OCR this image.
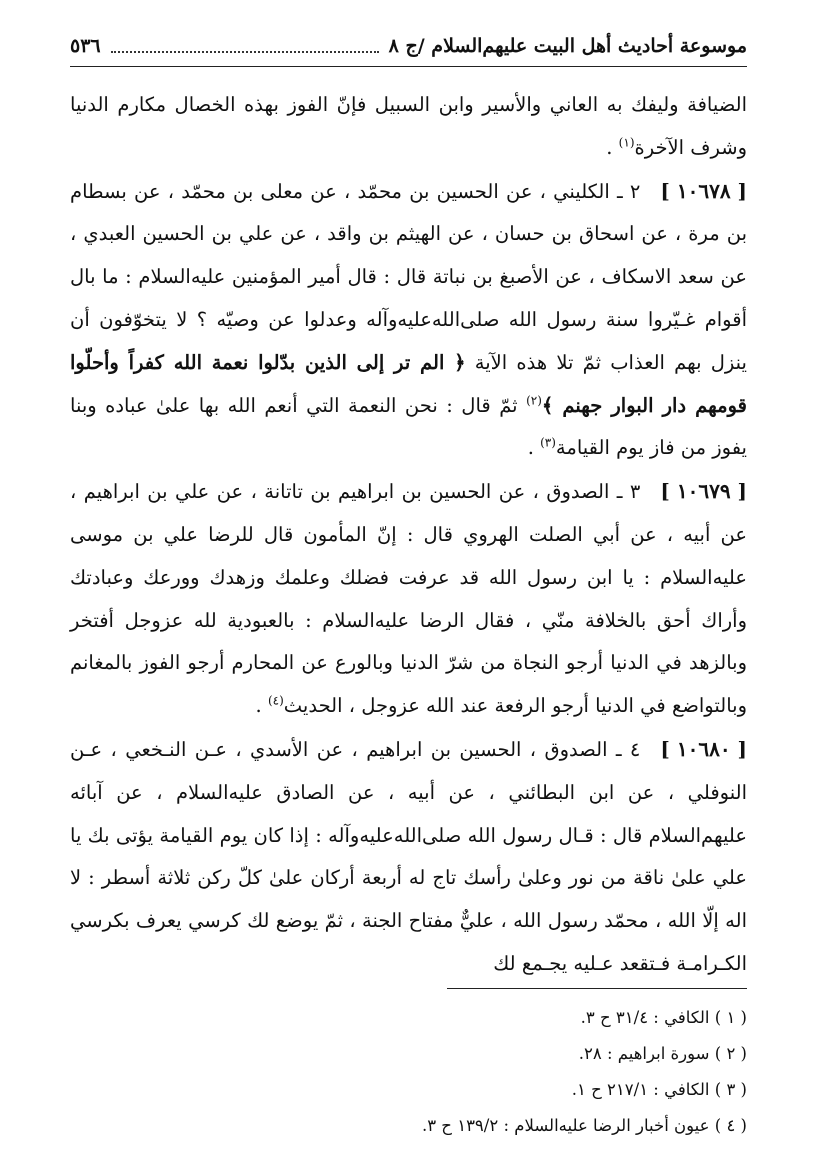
موسوعة أحاديث أهل البيت عليهم‌السلام /ج ٨
٥٣٦

الضيافة وليفك به العاني والأسير وابن السبيل فإنّ الفوز بهذه الخصال مكارم الدنيا وشرف الآخرة$^{(١)}$ .

[ ١٠٦٧٨ ]٢ ـ الكليني ، عن الحسين بن محمّد ، عن معلى بن محمّد ، عن بسطام بن مرة ، عن اسحاق بن حسان ، عن الهيثم بن واقد ، عن علي بن الحسين العبدي ، عن سعد الاسكاف ، عن الأصبغ بن نباتة قال : قال أمير المؤمنين عليه‌السلام : ما بال أقوام غـيّروا سنة رسول الله صلى‌الله‌عليه‌وآله وعدلوا عن وصيّه ؟ لا يتخوّفون أن ينزل بهم العذاب ثمّ تلا هذه الآية ﴿ الم تر إلى الذين بدّلوا نعمة الله كفراً وأحلّوا قومهم دار البوار جهنم ﴾$^{(٢)}$ ثمّ قال : نحن النعمة التي أنعم الله بها علىٰ عباده وبنا يفوز من فاز يوم القيامة$^{(٣)}$ .

[ ١٠٦٧٩ ]٣ ـ الصدوق ، عن الحسين بن ابراهيم بن تاتانة ، عن علي بن ابراهيم ، عن أبيه ، عن أبي الصلت الهروي قال : إنّ المأمون قال للرضا علي بن موسى عليه‌السلام : يا ابن رسول الله قد عرفت فضلك وعلمك وزهدك وورعك وعبادتك وأراك أحق بالخلافة منّي ، فقال الرضا عليه‌السلام : بالعبودية لله عزوجل أفتخر وبالزهد في الدنيا أرجو النجاة من شرّ الدنيا وبالورع عن المحارم أرجو الفوز بالمغانم وبالتواضع في الدنيا أرجو الرفعة عند الله عزوجل ، الحديث$^{(٤)}$ .

[ ١٠٦٨٠ ]٤ ـ الصدوق ، الحسين بن ابراهيم ، عن الأسدي ، عـن النـخعي ، عـن النوفلي ، عن ابن البطائني ، عن أبيه ، عن الصادق عليه‌السلام ، عن آبائه عليهم‌السلام قال : قـال رسول الله صلى‌الله‌عليه‌وآله : إذا كان يوم القيامة يؤتى بك يا علي علىٰ ناقة من نور وعلىٰ رأسك تاج له أربعة أركان علىٰ كلّ ركن ثلاثة أسطر : لا اله إلّا الله ، محمّد رسول الله ، عليٌّ مفتاح الجنة ، ثمّ يوضع لك كرسي يعرف بكرسي الكـرامـة فـتقعد عـليه يجـمع لك

( ١ ) الكافي : ٣١/٤ ح ٣.
( ٢ ) سورة ابراهيم : ٢٨.
( ٣ ) الكافي : ٢١٧/١ ح ١.
( ٤ ) عيون أخبار الرضا عليه‌السلام : ١٣٩/٢ ح ٣.
